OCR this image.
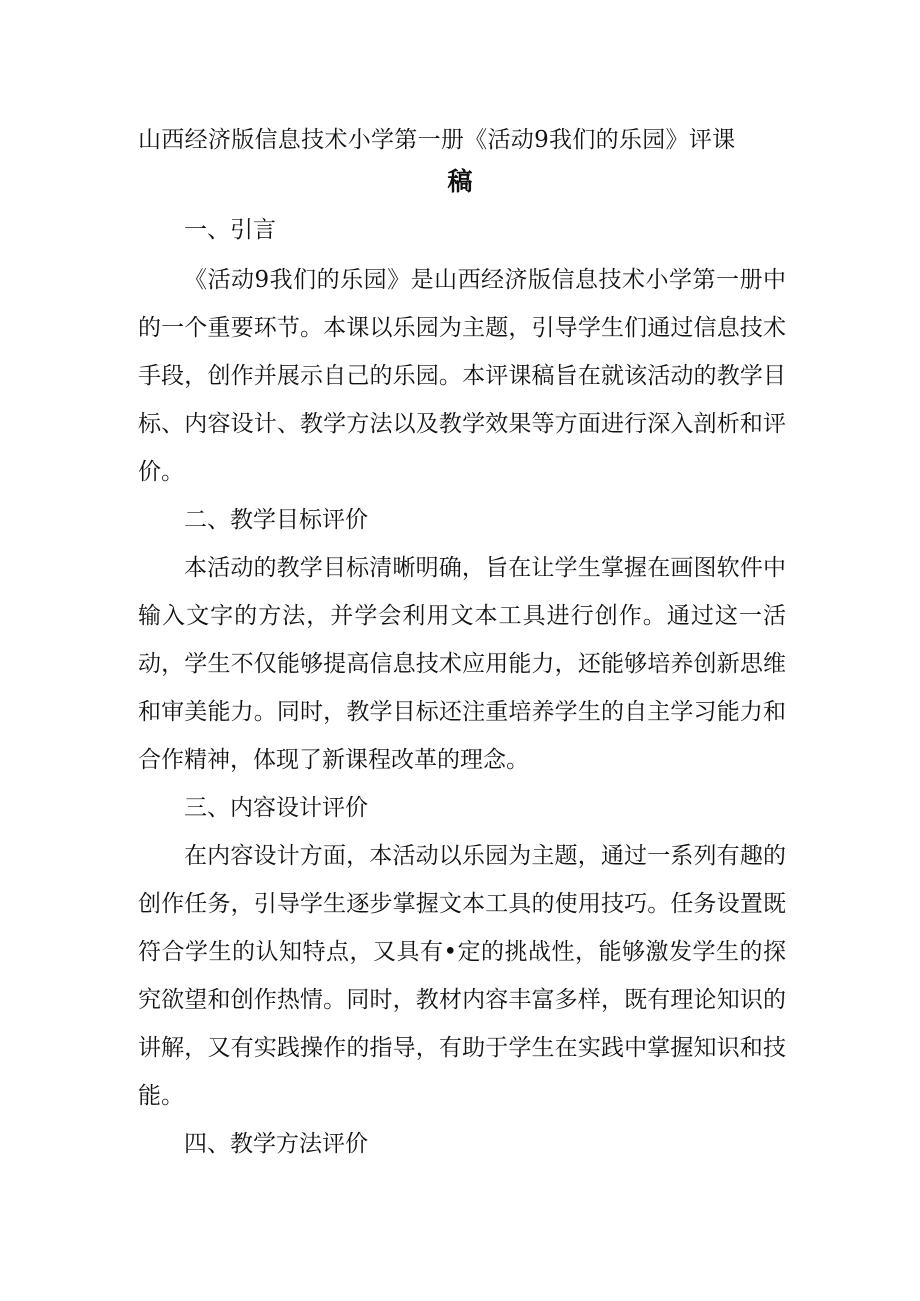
山西经济版信息技术小学第一册《活动9我们的乐园》评课
稿

一、引言

《活动9我们的乐园》是山西经济版信息技术小学第一册中的一个重要环节。本课以乐园为主题，引导学生们通过信息技术手段，创作并展示自己的乐园。本评课稿旨在就该活动的教学目标、内容设计、教学方法以及教学效果等方面进行深入剖析和评价。

二、教学目标评价

本活动的教学目标清晰明确，旨在让学生掌握在画图软件中输入文字的方法，并学会利用文本工具进行创作。通过这一活动，学生不仅能够提高信息技术应用能力，还能够培养创新思维和审美能力。同时，教学目标还注重培养学生的自主学习能力和合作精神，体现了新课程改革的理念。

三、内容设计评价

在内容设计方面，本活动以乐园为主题，通过一系列有趣的创作任务，引导学生逐步掌握文本工具的使用技巧。任务设置既符合学生的认知特点，又具有•定的挑战性，能够激发学生的探究欲望和创作热情。同时，教材内容丰富多样，既有理论知识的讲解，又有实践操作的指导，有助于学生在实践中掌握知识和技能。

四、教学方法评价
